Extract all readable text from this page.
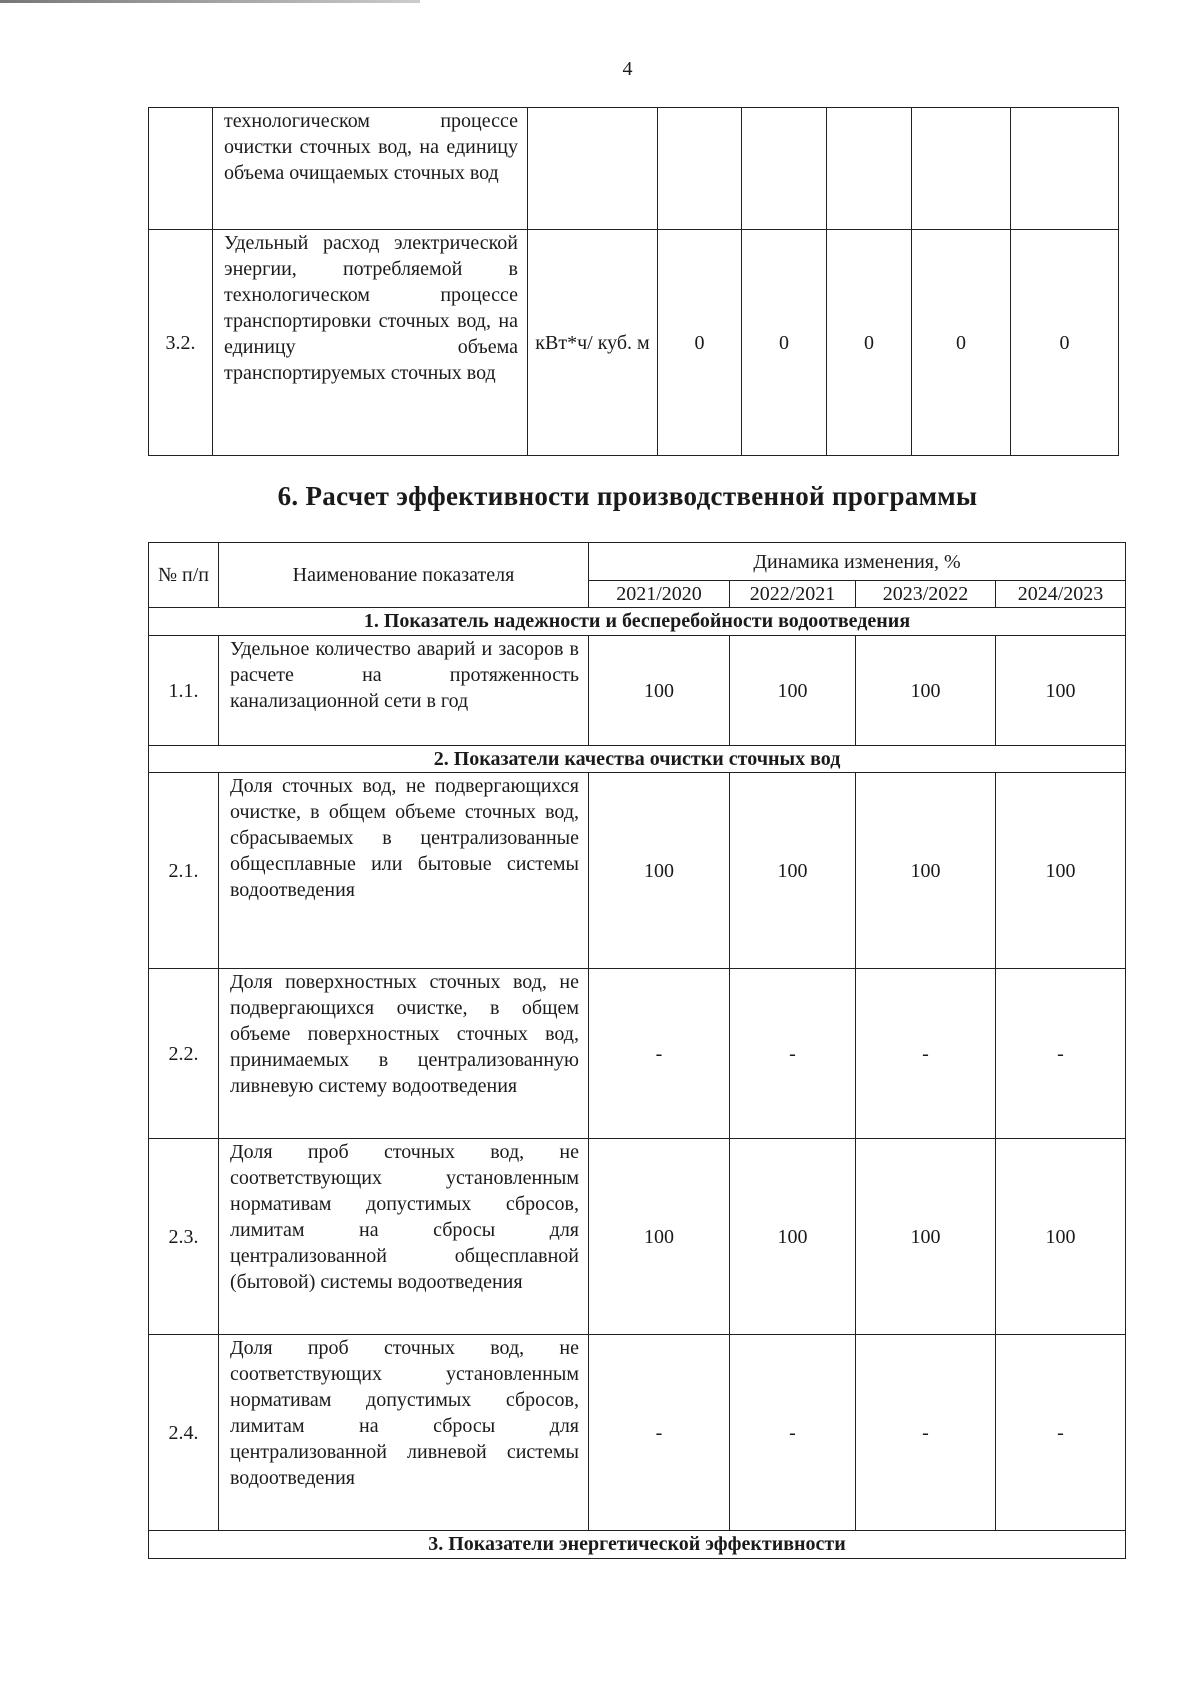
4
	технологическом процессе очистки сточных вод, на единицу объема очищаемых сточных вод						
3.2.	Удельный расход электрической энергии, потребляемой в технологическом процессе транспортировки сточных вод, на единицу объема транспортируемых сточных вод	кВт*ч/ куб. м	0	0	0	0	0
6. Расчет эффективности производственной программы
№ п/п	Наименование показателя	Динамика изменения, %			
		2021/2020	2022/2021	2023/2022	2024/2023
1. Показатель надежности и бесперебойности водоотведения					
1.1.	Удельное количество аварий и засоров в расчете на протяженность канализационной сети в год	100	100	100	100
2. Показатели качества очистки сточных вод					
2.1.	Доля сточных вод, не подвергающихся очистке, в общем объеме сточных вод, сбрасываемых в централизованные общесплавные или бытовые системы водоотведения	100	100	100	100
2.2.	Доля поверхностных сточных вод, не подвергающихся очистке, в общем объеме поверхностных сточных вод, принимаемых в централизованную ливневую систему водоотведения	-	-	-	-
2.3.	Доля проб сточных вод, не соответствующих установленным нормативам допустимых сбросов, лимитам на сбросы для централизованной общесплавной (бытовой) системы водоотведения	100	100	100	100
2.4.	Доля проб сточных вод, не соответствующих установленным нормативам допустимых сбросов, лимитам на сбросы для централизованной ливневой системы водоотведения	-	-	-	-
3. Показатели энергетической эффективности					
